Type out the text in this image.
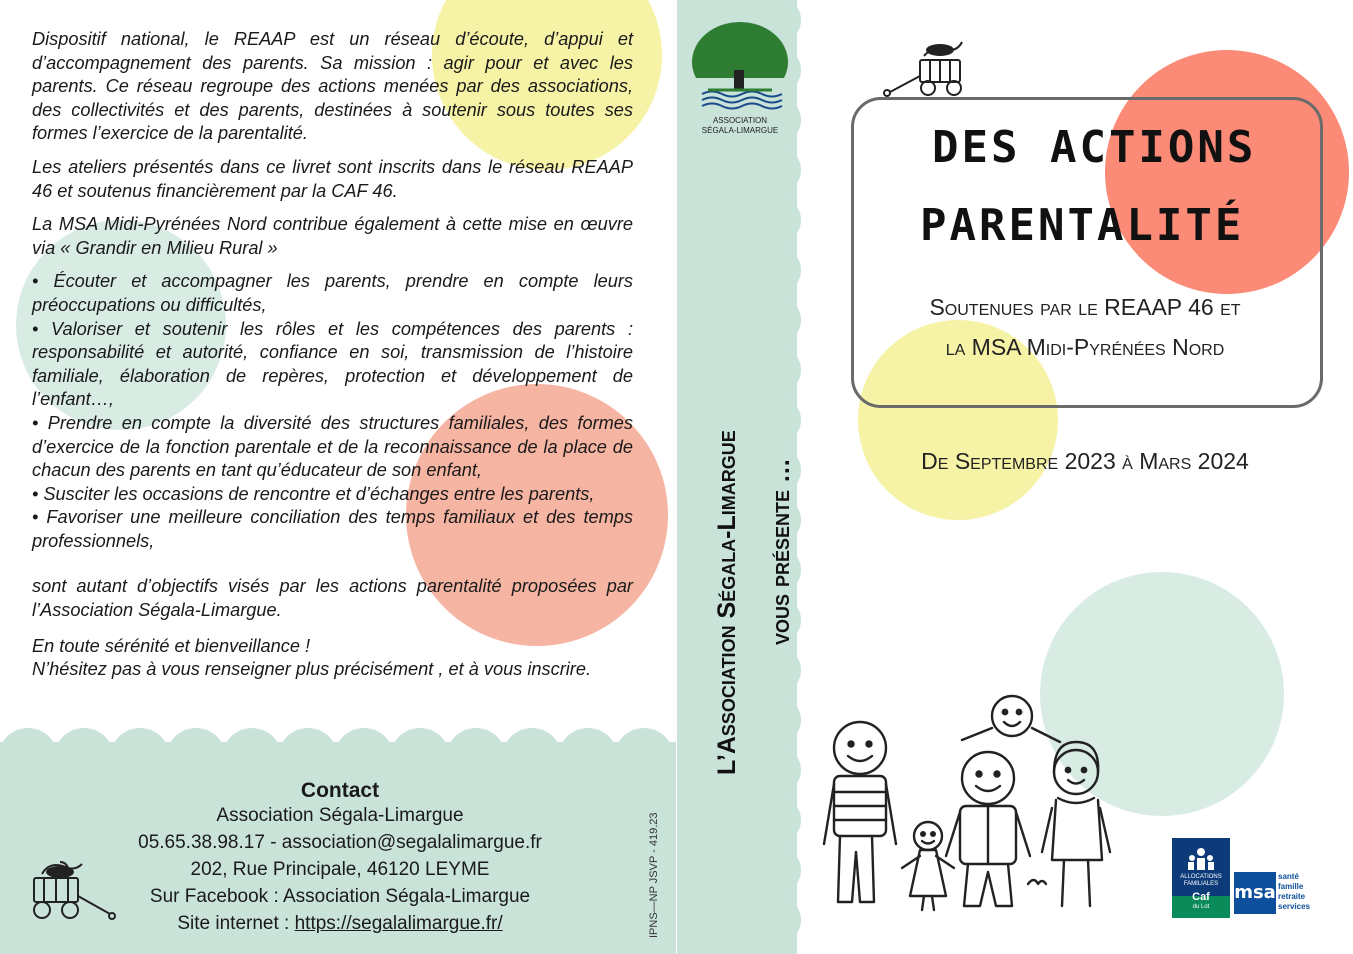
Dispositif national, le REAAP est un réseau d’écoute, d’appui et d’accompagnement des parents. Sa mission : agir pour et avec les parents. Ce réseau regroupe des actions menées par des associations, des collectivités et des parents, destinées à soutenir sous toutes ses formes l’exercice de la parentalité.

Les ateliers présentés dans ce livret sont inscrits dans le réseau REAAP 46 et soutenus financièrement par la CAF 46.

La MSA Midi-Pyrénées Nord contribue également à cette mise en œuvre via « Grandir en Milieu Rural »

• Écouter et accompagner les parents, prendre en compte leurs préoccupations ou difficultés,

• Valoriser et soutenir les rôles et les compétences des parents : responsabilité et autorité, confiance en soi, transmission de l’histoire familiale, élaboration de repères, protection et développement de l’enfant…,

• Prendre en compte la diversité des structures familiales, des formes d’exercice de la fonction parentale et de la reconnaissance de la place de chacun des parents en tant qu’éducateur de son enfant,

• Susciter les occasions de rencontre et d’échanges entre les parents,

• Favoriser une meilleure conciliation des temps familiaux et des temps professionnels,

sont autant d’objectifs visés par les actions parentalité proposées par l’Association Ségala-Limargue.

En toute sérénité et bienveillance !

N’hésitez pas à vous renseigner plus précisément , et à vous inscrire.

Contact
Association Ségala-Limargue
05.65.38.98.17 - association@segalalimargue.fr
202, Rue Principale, 46120 LEYME
Sur Facebook : Association Ségala-Limargue
Site internet : https://segalalimargue.fr/	IPNS—NP JSVP - 419.23
ASSOCIATION
SÉGALA-LIMARGUE
L’Association Ségala-Limargue	vous présente …
DES ACTIONS
PARENTALITÉ
Soutenues par le REAAP 46 et
la MSA Midi-Pyrénées Nord
De Septembre 2023 à Mars 2024
ALLOCATIONS
FAMILIALES
Caf
du Lot
msa
santé
famille
retraite
services
